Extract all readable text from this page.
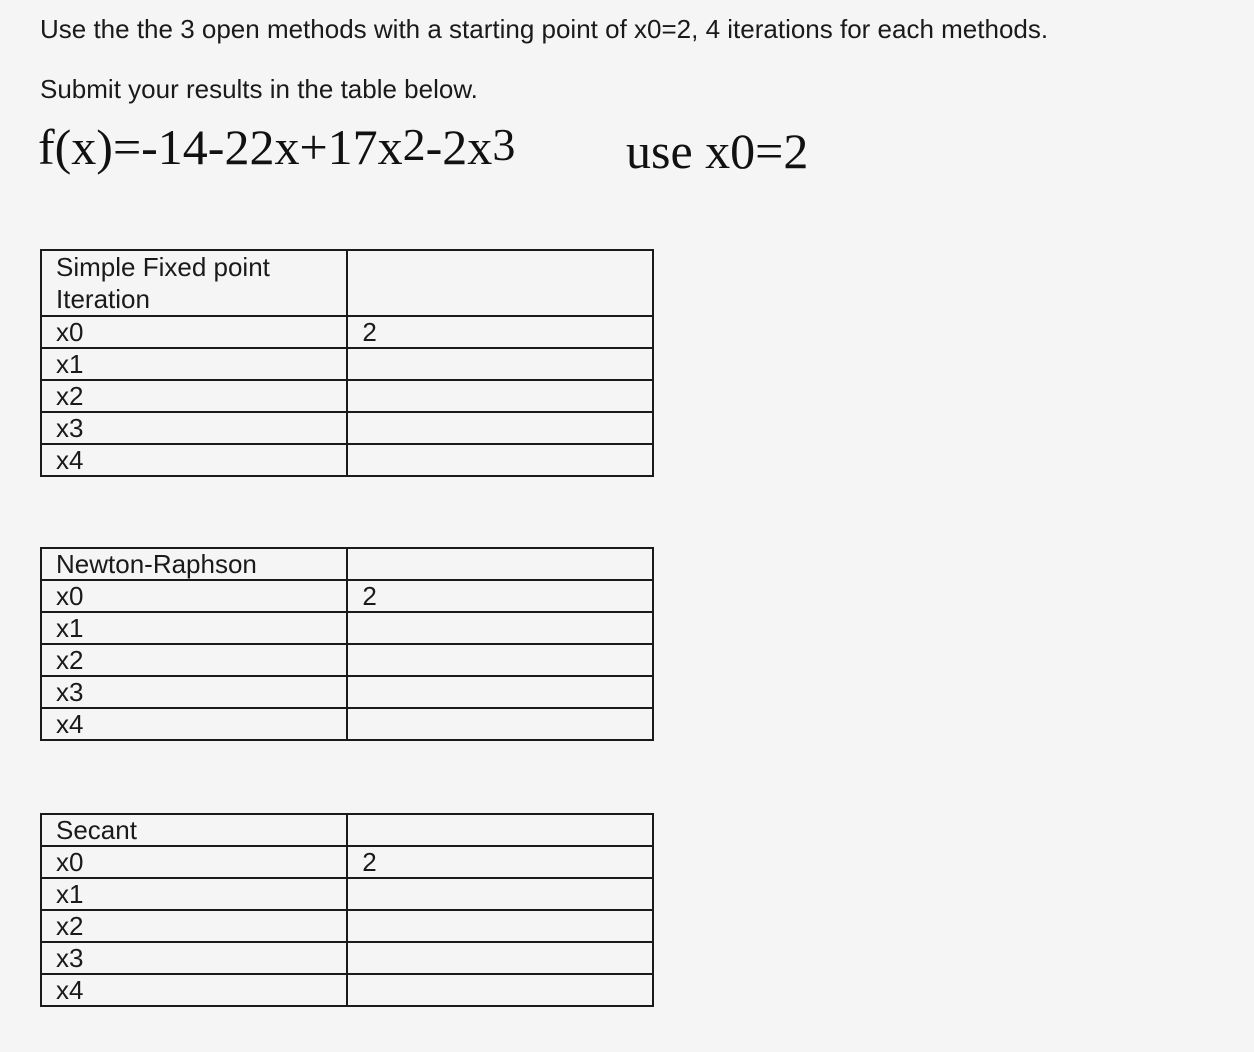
Use the the 3 open methods with a starting point of x0=2, 4 iterations for each methods.

Submit your results in the table below.

$f(x)=-14-22x+17x^2-2x^3$ use x0=2
Simple Fixed point Iteration	
x0	2
x1	
x2	
x3	
x4	
Newton-Raphson	
x0	2
x1	
x2	
x3	
x4	
Secant	
x0	2
x1	
x2	
x3	
x4	
